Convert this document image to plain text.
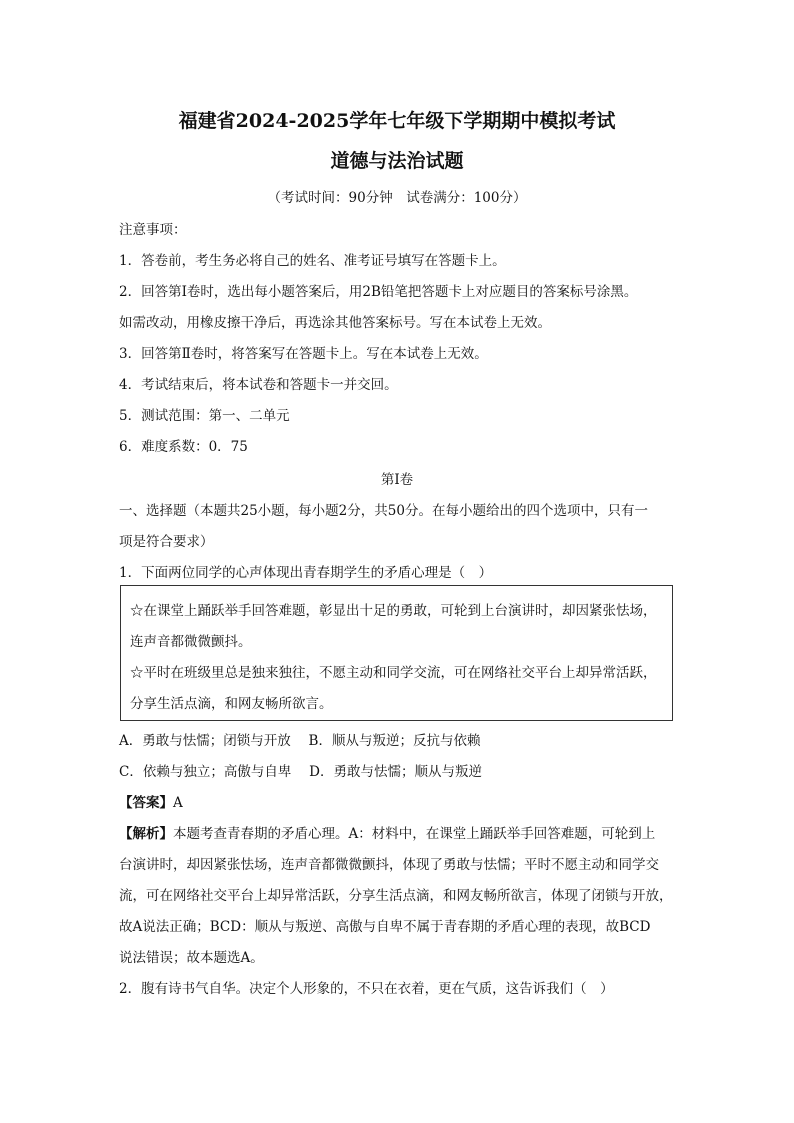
福建省2024-2025学年七年级下学期期中模拟考试
道德与法治试题
（考试时间：90分钟　试卷满分：100分）
注意事项：
1．答卷前，考生务必将自己的姓名、准考证号填写在答题卡上。
2．回答第Ⅰ卷时，选出每小题答案后，用2B铅笔把答题卡上对应题目的答案标号涂黑。
如需改动，用橡皮擦干净后，再选涂其他答案标号。写在本试卷上无效。
3．回答第Ⅱ卷时，将答案写在答题卡上。写在本试卷上无效。
4．考试结束后，将本试卷和答题卡一并交回。
5．测试范围：第一、二单元
6．难度系数：0．75
第Ⅰ卷
一、选择题（本题共25小题，每小题2分，共50分。在每小题给出的四个选项中，只有一
项是符合要求）
1．下面两位同学的心声体现出青春期学生的矛盾心理是（　）
☆在课堂上踊跃举手回答难题，彰显出十足的勇敢，可轮到上台演讲时，却因紧张怯场，
连声音都微微颤抖。
☆平时在班级里总是独来独往，不愿主动和同学交流，可在网络社交平台上却异常活跃，
分享生活点滴，和网友畅所欲言。
A．勇敢与怯懦；闭锁与开放　 B．顺从与叛逆；反抗与依赖
C．依赖与独立；高傲与自卑　 D．勇敢与怯懦；顺从与叛逆
【答案】A
【解析】本题考查青春期的矛盾心理。A：材料中，在课堂上踊跃举手回答难题，可轮到上
台演讲时，却因紧张怯场，连声音都微微颤抖，体现了勇敢与怯懦；平时不愿主动和同学交
流，可在网络社交平台上却异常活跃，分享生活点滴，和网友畅所欲言，体现了闭锁与开放，
故A说法正确；BCD：顺从与叛逆、高傲与自卑不属于青春期的矛盾心理的表现，故BCD
说法错误；故本题选A。
2．腹有诗书气自华。决定个人形象的，不只在衣着，更在气质，这告诉我们（　）
